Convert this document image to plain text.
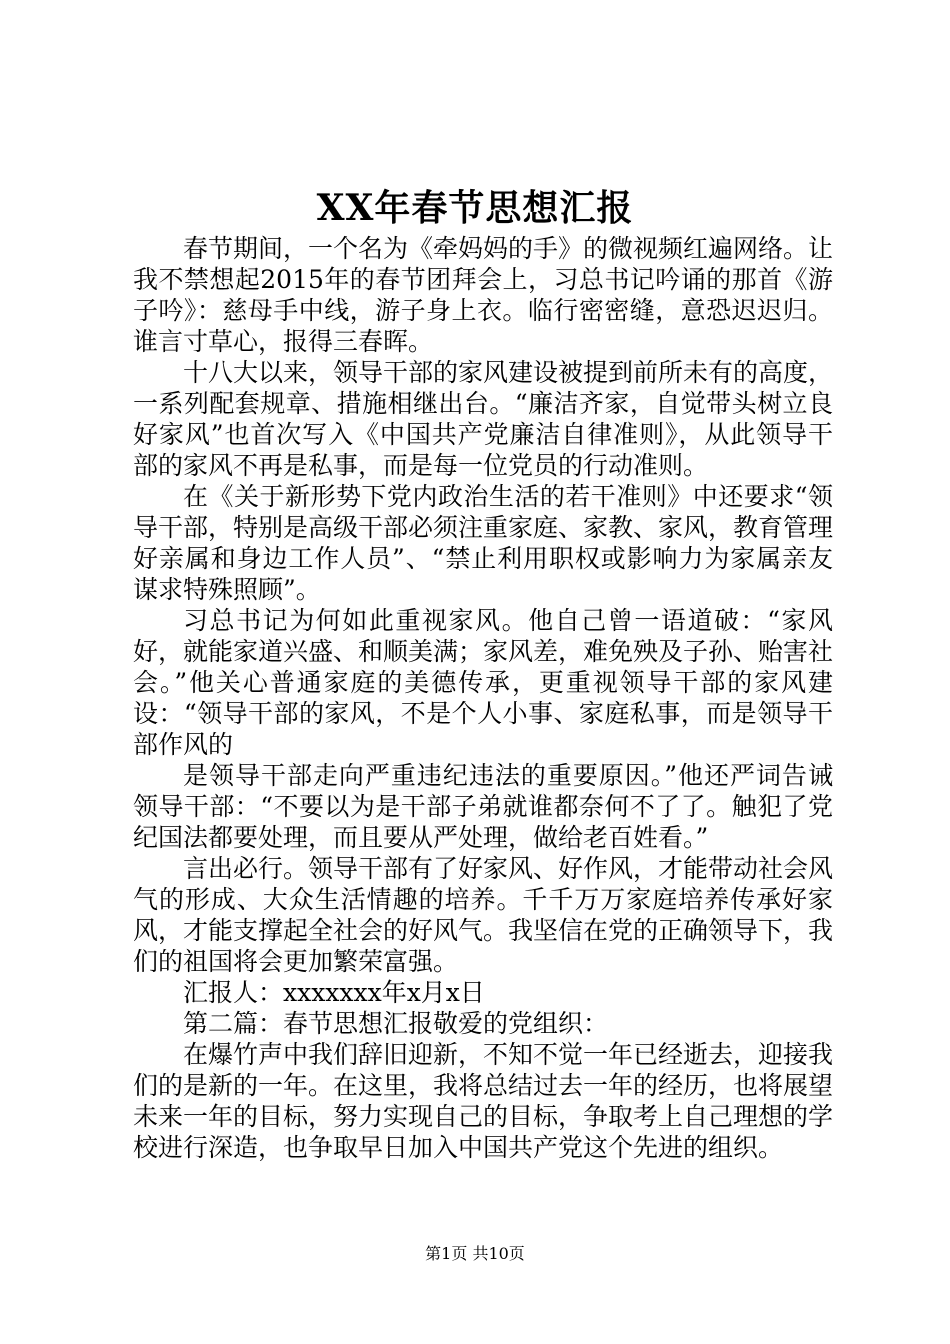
XX年春节思想汇报

春节期间，一个名为《牵妈妈的手》的微视频红遍网络。让我不禁想起2015年的春节团拜会上，习总书记吟诵的那首《游子吟》：慈母手中线，游子身上衣。临行密密缝，意恐迟迟归。谁言寸草心，报得三春晖。

十八大以来，领导干部的家风建设被提到前所未有的高度，一系列配套规章、措施相继出台。“廉洁齐家，自觉带头树立良好家风”也首次写入《中国共产党廉洁自律准则》，从此领导干部的家风不再是私事，而是每一位党员的行动准则。

在《关于新形势下党内政治生活的若干准则》中还要求“领导干部，特别是高级干部必须注重家庭、家教、家风，教育管理好亲属和身边工作人员”、“禁止利用职权或影响力为家属亲友谋求特殊照顾”。

习总书记为何如此重视家风。他自己曾一语道破：“家风好，就能家道兴盛、和顺美满；家风差，难免殃及子孙、贻害社会。”他关心普通家庭的美德传承，更重视领导干部的家风建设：“领导干部的家风，不是个人小事、家庭私事，而是领导干部作风的

是领导干部走向严重违纪违法的重要原因。”他还严词告诫领导干部：“不要以为是干部子弟就谁都奈何不了了。触犯了党纪国法都要处理，而且要从严处理，做给老百姓看。”

言出必行。领导干部有了好家风、好作风，才能带动社会风气的形成、大众生活情趣的培养。千千万万家庭培养传承好家风，才能支撑起全社会的好风气。我坚信在党的正确领导下，我们的祖国将会更加繁荣富强。

汇报人：xxxxxxx年x月x日

第二篇：春节思想汇报敬爱的党组织：

在爆竹声中我们辞旧迎新，不知不觉一年已经逝去，迎接我们的是新的一年。在这里，我将总结过去一年的经历，也将展望未来一年的目标，努力实现自己的目标，争取考上自己理想的学校进行深造，也争取早日加入中国共产党这个先进的组织。

第1页 共10页
